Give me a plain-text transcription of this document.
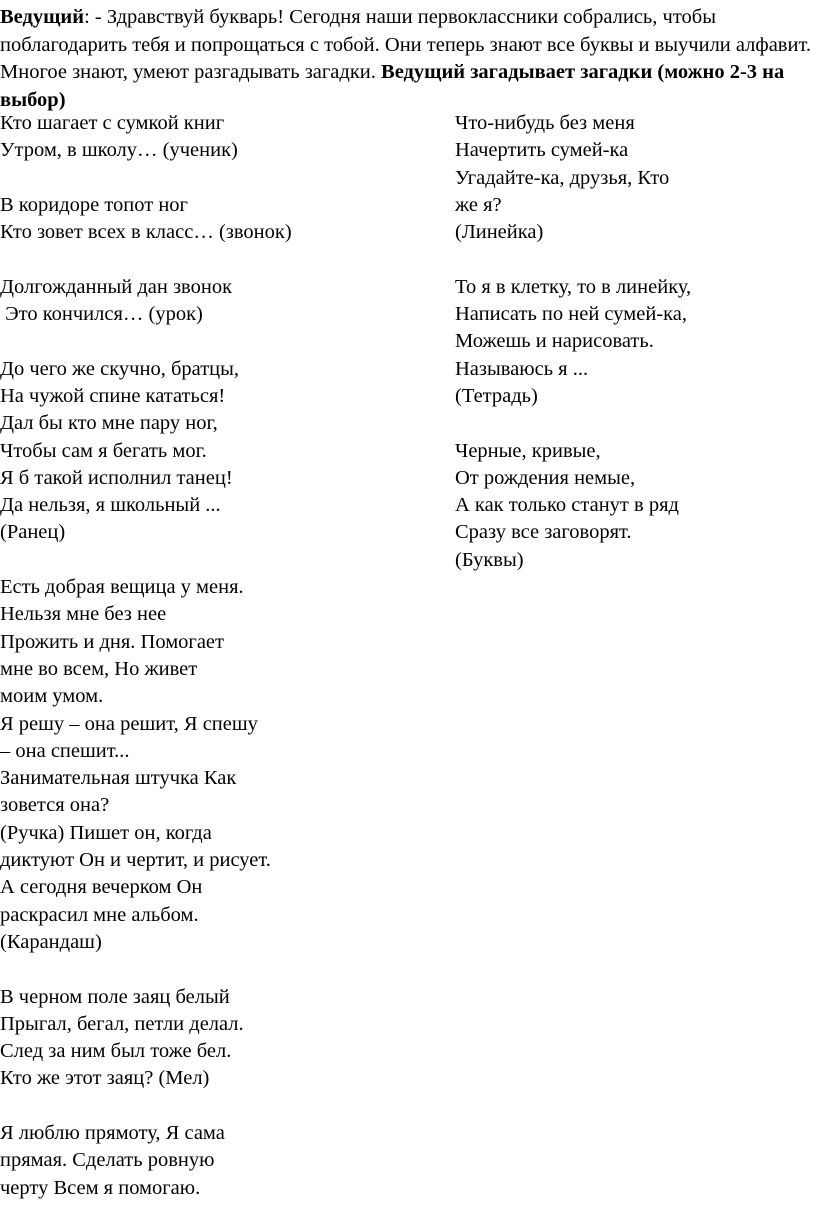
Ведущий: - Здравствуй букварь! Сегодня наши первоклассники собрались, чтобы поблагодарить тебя и попрощаться с тобой. Они теперь знают все буквы и выучили алфавит. Многое знают, умеют разгадывать загадки. Ведущий загадывает загадки (можно 2-3 на выбор)
Кто шагает с сумкой книг
Утром, в школу… (ученик)
В коридоре топот ног
Кто зовет всех в класс… (звонок)
Долгожданный дан звонок
Это кончился… (урок)
До чего же скучно, братцы,
На чужой спине кататься!
Дал бы кто мне пару ног,
Чтобы сам я бегать мог.
Я б такой исполнил танец!
Да нельзя, я школьный ...
(Ранец)
Есть добрая вещица у меня.
Нельзя мне без нее
Прожить и дня. Помогает
мне во всем, Но живет
моим умом.
Я решу – она решит, Я спешу
– она спешит...
Занимательная штучка Как
зовется она?
(Ручка) Пишет он, когда
диктуют Он и чертит, и рисует.
А сегодня вечерком Он
раскрасил мне альбом.
(Карандаш)
В черном поле заяц белый
Прыгал, бегал, петли делал.
След за ним был тоже бел.
Кто же этот заяц? (Мел)
Я люблю прямоту, Я сама
прямая. Сделать ровную
черту Всем я помогаю.
Что-нибудь без меня
Начертить сумей-ка
Угадайте-ка, друзья, Кто
же я?
(Линейка)
То я в клетку, то в линейку,
Написать по ней сумей-ка,
Можешь и нарисовать.
Называюсь я ...
(Тетрадь)
Черные, кривые,
От рождения немые,
А как только станут в ряд
Сразу все заговорят.
(Буквы)
